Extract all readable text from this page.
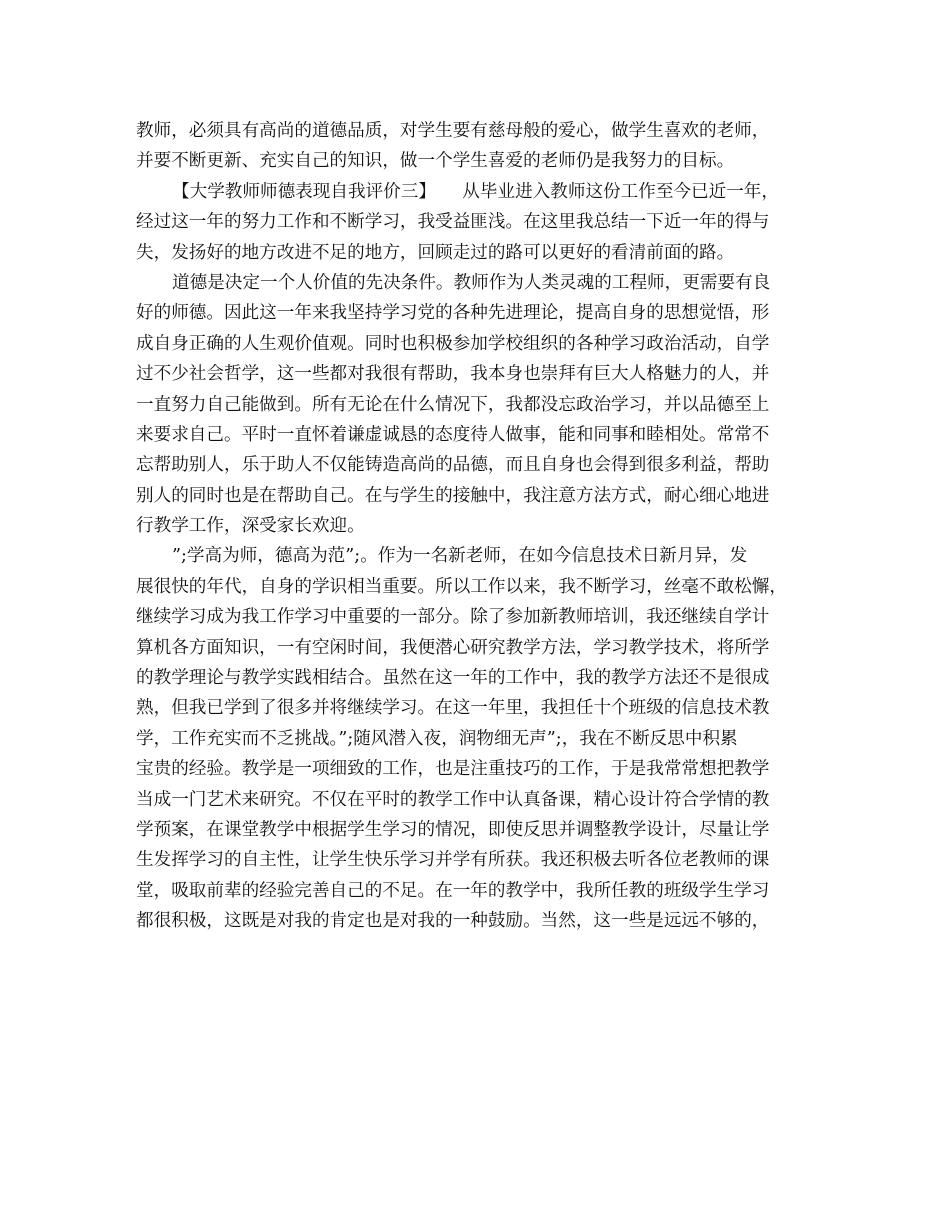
教师，必须具有高尚的道德品质，对学生要有慈母般的爱心，做学生喜欢的老师，
并要不断更新、充实自己的知识，做一个学生喜爱的老师仍是我努力的目标。
【大学教师师德表现自我评价三】　　从毕业进入教师这份工作至今已近一年，
经过这一年的努力工作和不断学习，我受益匪浅。在这里我总结一下近一年的得与
失，发扬好的地方改进不足的地方，回顾走过的路可以更好的看清前面的路。
道德是决定一个人价值的先决条件。教师作为人类灵魂的工程师，更需要有良
好的师德。因此这一年来我坚持学习党的各种先进理论，提高自身的思想觉悟，形
成自身正确的人生观价值观。同时也积极参加学校组织的各种学习政治活动，自学
过不少社会哲学，这一些都对我很有帮助，我本身也崇拜有巨大人格魅力的人，并
一直努力自己能做到。所有无论在什么情况下，我都没忘政治学习，并以品德至上
来要求自己。平时一直怀着谦虚诚恳的态度待人做事，能和同事和睦相处。常常不
忘帮助别人，乐于助人不仅能铸造高尚的品德，而且自身也会得到很多利益，帮助
别人的同时也是在帮助自己。在与学生的接触中，我注意方法方式，耐心细心地进
行教学工作，深受家长欢迎。
”;学高为师，德高为范”;。作为一名新老师，在如今信息技术日新月异，发
展很快的年代，自身的学识相当重要。所以工作以来，我不断学习，丝毫不敢松懈，
继续学习成为我工作学习中重要的一部分。除了参加新教师培训，我还继续自学计
算机各方面知识，一有空闲时间，我便潜心研究教学方法，学习教学技术，将所学
的教学理论与教学实践相结合。虽然在这一年的工作中，我的教学方法还不是很成
熟，但我已学到了很多并将继续学习。在这一年里，我担任十个班级的信息技术教
学，工作充实而不乏挑战。”;随风潜入夜，润物细无声”;，我在不断反思中积累
宝贵的经验。教学是一项细致的工作，也是注重技巧的工作，于是我常常想把教学
当成一门艺术来研究。不仅在平时的教学工作中认真备课，精心设计符合学情的教
学预案，在课堂教学中根据学生学习的情况，即使反思并调整教学设计，尽量让学
生发挥学习的自主性，让学生快乐学习并学有所获。我还积极去听各位老教师的课
堂，吸取前辈的经验完善自己的不足。在一年的教学中，我所任教的班级学生学习
都很积极，这既是对我的肯定也是对我的一种鼓励。当然，这一些是远远不够的，
